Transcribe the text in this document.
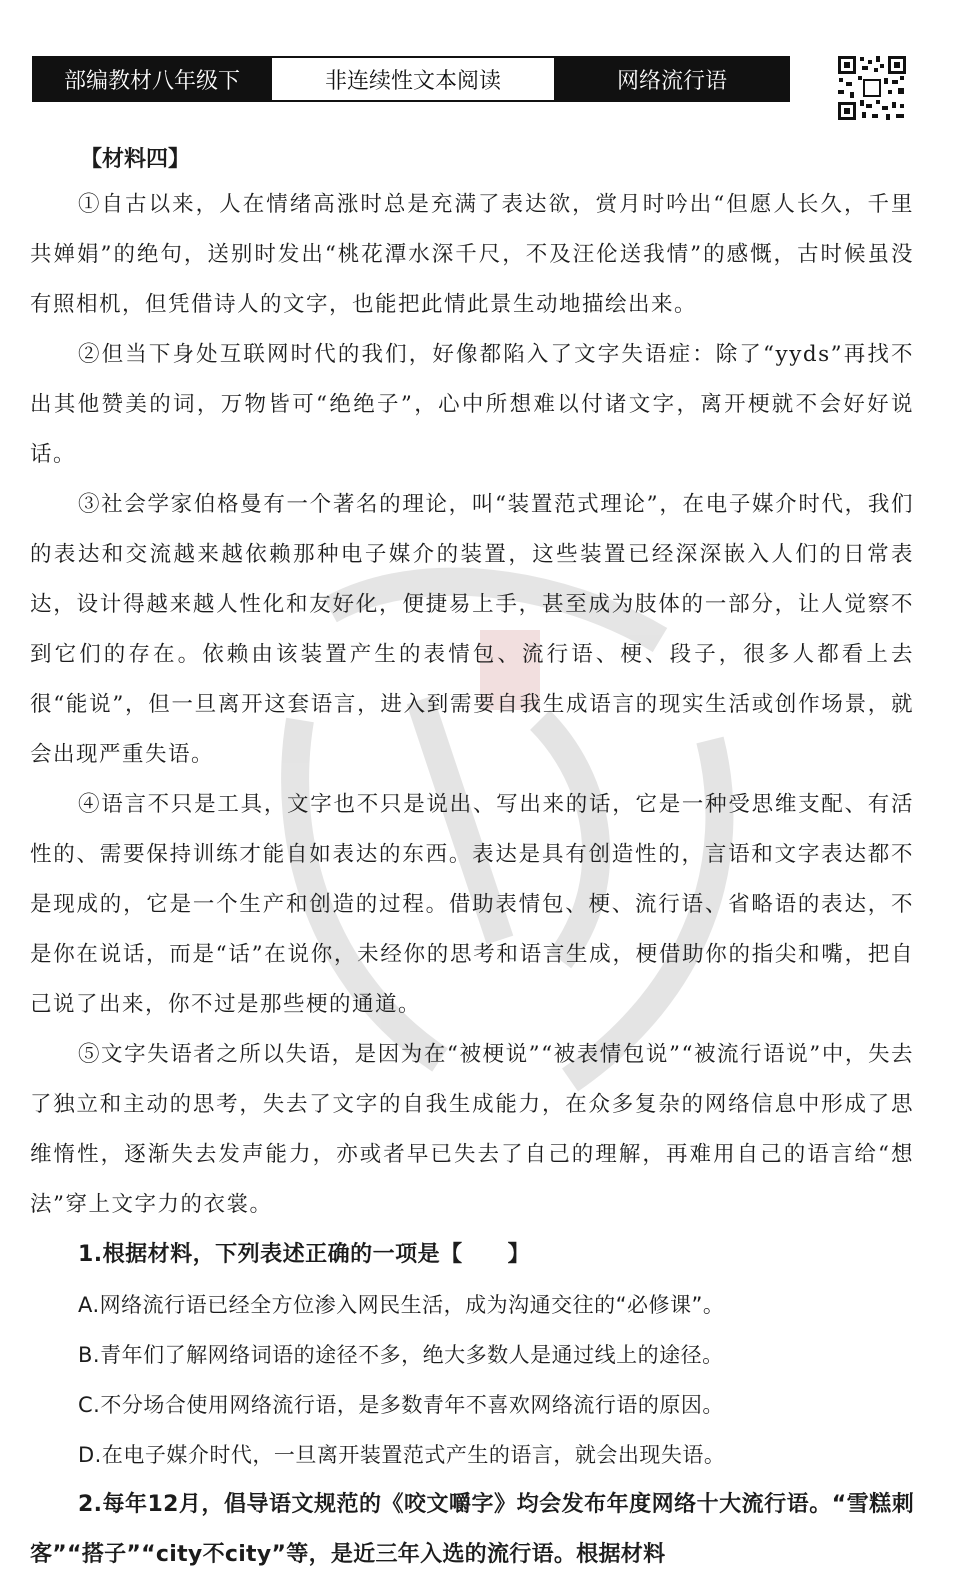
部编教材八年级下	非连续性文本阅读	网络流行语
【材料四】

①自古以来，人在情绪高涨时总是充满了表达欲，赏月时吟出“但愿人长久，千里共婵娟”的绝句，送别时发出“桃花潭水深千尺，不及汪伦送我情”的感慨，古时候虽没有照相机，但凭借诗人的文字，也能把此情此景生动地描绘出来。

②但当下身处互联网时代的我们，好像都陷入了文字失语症：除了“yyds”再找不出其他赞美的词，万物皆可“绝绝子”，心中所想难以付诸文字，离开梗就不会好好说话。

③社会学家伯格曼有一个著名的理论，叫“装置范式理论”，在电子媒介时代，我们的表达和交流越来越依赖那种电子媒介的装置，这些装置已经深深嵌入人们的日常表达，设计得越来越人性化和友好化，便捷易上手，甚至成为肢体的一部分，让人觉察不到它们的存在。依赖由该装置产生的表情包、流行语、梗、段子，很多人都看上去很“能说”，但一旦离开这套语言，进入到需要自我生成语言的现实生活或创作场景，就会出现严重失语。

④语言不只是工具，文字也不只是说出、写出来的话，它是一种受思维支配、有活性的、需要保持训练才能自如表达的东西。表达是具有创造性的，言语和文字表达都不是现成的，它是一个生产和创造的过程。借助表情包、梗、流行语、省略语的表达，不是你在说话，而是“话”在说你，未经你的思考和语言生成，梗借助你的指尖和嘴，把自己说了出来，你不过是那些梗的通道。

⑤文字失语者之所以失语，是因为在“被梗说”“被表情包说”“被流行语说”中，失去了独立和主动的思考，失去了文字的自我生成能力，在众多复杂的网络信息中形成了思维惰性，逐渐失去发声能力，亦或者早已失去了自己的理解，再难用自己的语言给“想法”穿上文字力的衣裳。

1.根据材料，下列表述正确的一项是【　　】
A.网络流行语已经全方位渗入网民生活，成为沟通交往的“必修课”。
B.青年们了解网络词语的途径不多，绝大多数人是通过线上的途径。
C.不分场合使用网络流行语，是多数青年不喜欢网络流行语的原因。
D.在电子媒介时代，一旦离开装置范式产生的语言，就会出现失语。

2.每年12月，倡导语文规范的《咬文嚼字》均会发布年度网络十大流行语。“雪糕刺客”“搭子”“city不city”等，是近三年入选的流行语。根据材料
